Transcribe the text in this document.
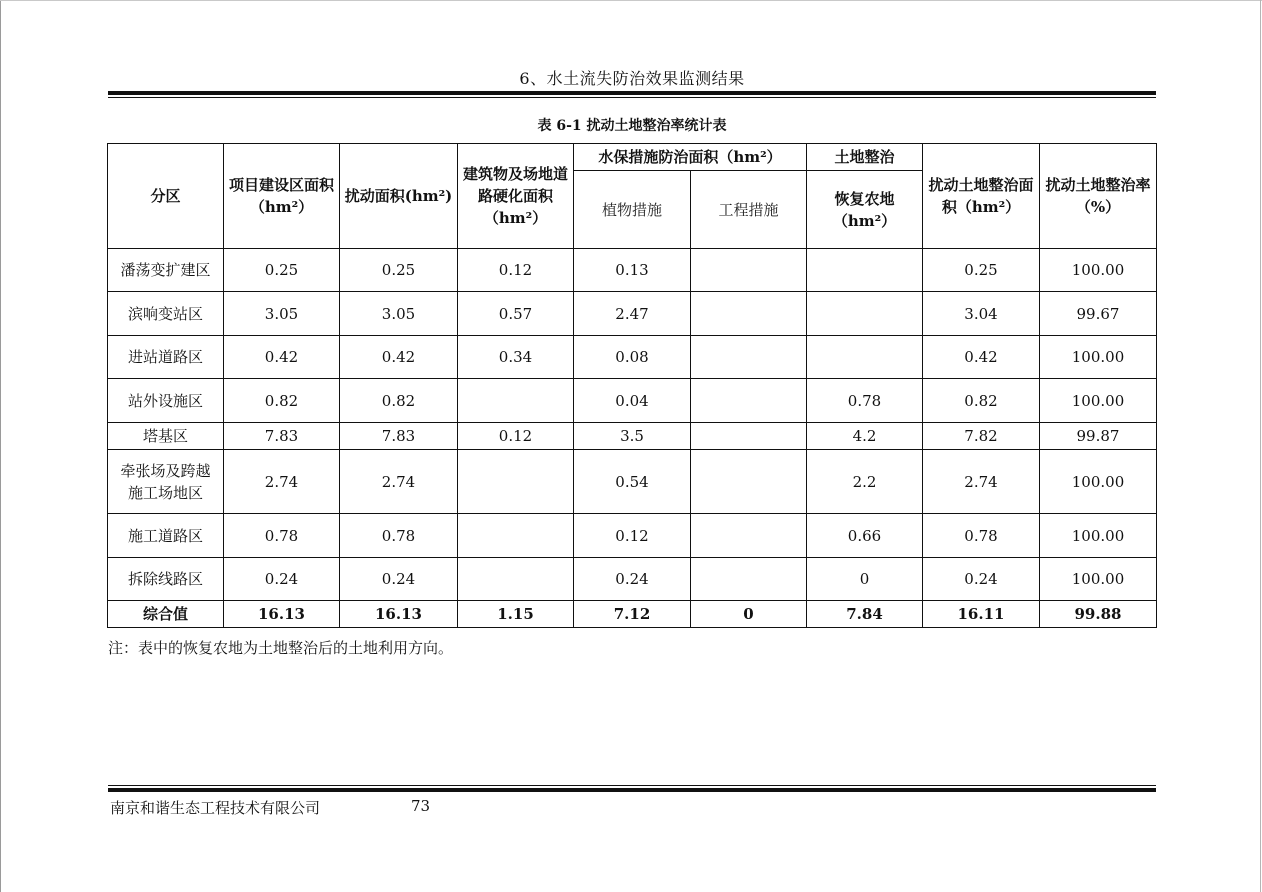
6、水土流失防治效果监测结果
表 6-1 扰动土地整治率统计表
分区	项目建设区面积（hm²）	扰动面积(hm²)	建筑物及场地道路硬化面积（hm²）	水保措施防治面积（hm²）		土地整治	扰动土地整治面积（hm²）	扰动土地整治率（%）
				植物措施	工程措施	恢复农地（hm²）		
潘荡变扩建区	0.25	0.25	0.12	0.13			0.25	100.00
滨响变站区	3.05	3.05	0.57	2.47			3.04	99.67
进站道路区	0.42	0.42	0.34	0.08			0.42	100.00
站外设施区	0.82	0.82		0.04		0.78	0.82	100.00
塔基区	7.83	7.83	0.12	3.5		4.2	7.82	99.87
牵张场及跨越施工场地区	2.74	2.74		0.54		2.2	2.74	100.00
施工道路区	0.78	0.78		0.12		0.66	0.78	100.00
拆除线路区	0.24	0.24		0.24		0	0.24	100.00
综合值	16.13	16.13	1.15	7.12	0	7.84	16.11	99.88
注：表中的恢复农地为土地整治后的土地利用方向。
南京和谐生态工程技术有限公司	73
